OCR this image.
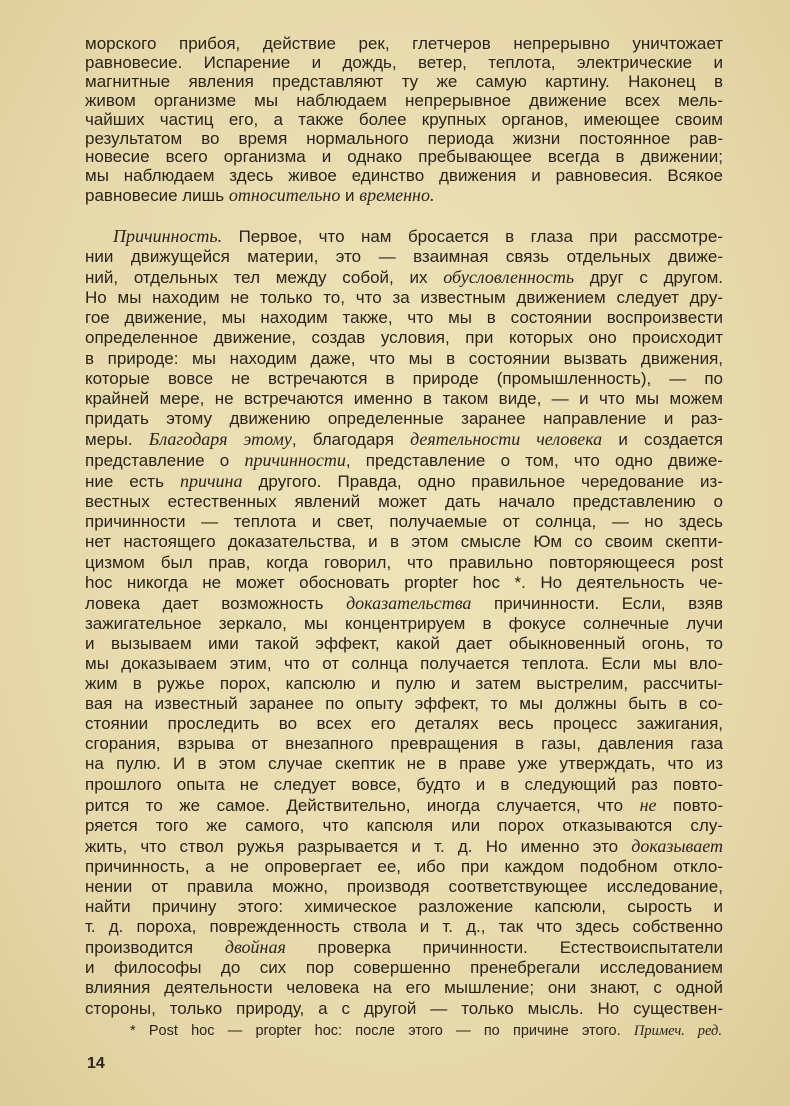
морского прибоя, действие рек, глетчеров непрерывно уничтожает
равновесие. Испарение и дождь, ветер, теплота, электрические и
магнитные явления представляют ту же самую картину. Наконец в
живом организме мы наблюдаем непрерывное движение всех мель-
чайших частиц его, а также более крупных органов, имеющее своим
результатом во время нормального периода жизни постоянное рав-
новесие всего организма и однако пребывающее всегда в движении;
мы наблюдаем здесь живое единство движения и равновесия. Всякое
равновесие лишь относительно и временно.
Причинность. Первое, что нам бросается в глаза при рассмотре-
нии движущейся материи, это — взаимная связь отдельных движе-
ний, отдельных тел между собой, их обусловленность друг с другом.
Но мы находим не только то, что за известным движением следует дру-
гое движение, мы находим также, что мы в состоянии воспроизвести
определенное движение, создав условия, при которых оно происходит
в природе: мы находим даже, что мы в состоянии вызвать движения,
которые вовсе не встречаются в природе (промышленность), — по
крайней мере, не встречаются именно в таком виде, — и что мы можем
придать этому движению определенные заранее направление и раз-
меры. Благодаря этому, благодаря деятельности человека и создается
представление о причинности, представление о том, что одно движе-
ние есть причина другого. Правда, одно правильное чередование из-
вестных естественных явлений может дать начало представлению о
причинности — теплота и свет, получаемые от солнца, — но здесь
нет настоящего доказательства, и в этом смысле Юм со своим скепти-
цизмом был прав, когда говорил, что правильно повторяющееся post
hoc никогда не может обосновать propter hoc *. Но деятельность че-
ловека дает возможность доказательства причинности. Если, взяв
зажигательное зеркало, мы концентрируем в фокусе солнечные лучи
и вызываем ими такой эффект, какой дает обыкновенный огонь, то
мы доказываем этим, что от солнца получается теплота. Если мы вло-
жим в ружье порох, капсюлю и пулю и затем выстрелим, рассчиты-
вая на известный заранее по опыту эффект, то мы должны быть в со-
стоянии проследить во всех его деталях весь процесс зажигания,
сгорания, взрыва от внезапного превращения в газы, давления газа
на пулю. И в этом случае скептик не в праве уже утверждать, что из
прошлого опыта не следует вовсе, будто и в следующий раз повто-
рится то же самое. Действительно, иногда случается, что не повто-
ряется того же самого, что капсюля или порох отказываются слу-
жить, что ствол ружья разрывается и т. д. Но именно это доказывает
причинность, а не опровергает ее, ибо при каждом подобном откло-
нении от правила можно, производя соответствующее исследование,
найти причину этого: химическое разложение капсюли, сырость и
т. д. пороха, поврежденность ствола и т. д., так что здесь собственно
производится двойная проверка причинности. Естествоиспытатели
и философы до сих пор совершенно пренебрегали исследованием
влияния деятельности человека на его мышление; они знают, с одной
стороны, только природу, а с другой — только мысль. Но существен-
* Post hoc — propter hoc: после этого — по причине этого. Примеч. ред.
14
